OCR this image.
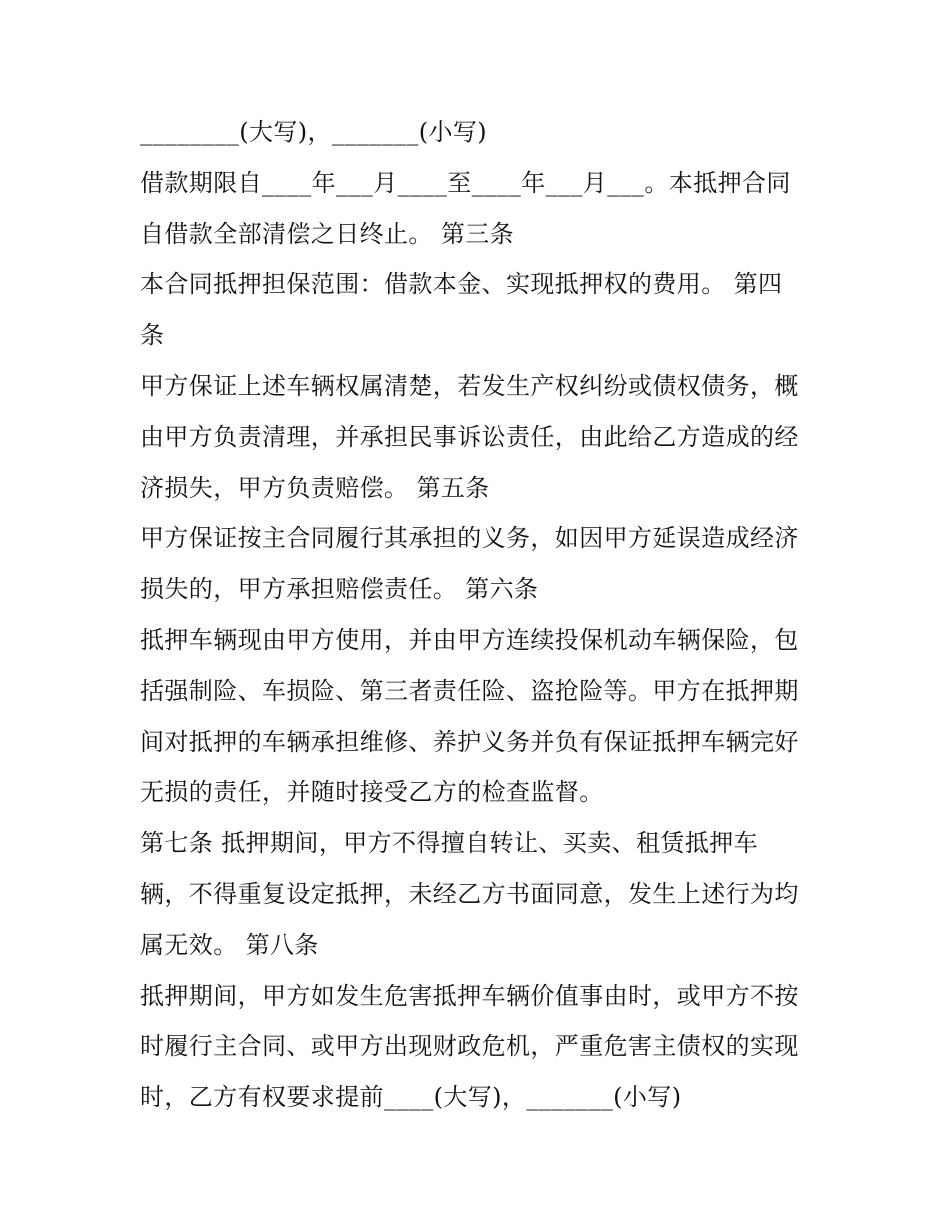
________(大写)，_______(小写)
借款期限自____年___月____至____年___月___。本抵押合同
自借款全部清偿之日终止。 第三条
本合同抵押担保范围：借款本金、实现抵押权的费用。 第四
条
甲方保证上述车辆权属清楚，若发生产权纠纷或债权债务，概
由甲方负责清理，并承担民事诉讼责任，由此给乙方造成的经
济损失，甲方负责赔偿。 第五条
甲方保证按主合同履行其承担的义务，如因甲方延误造成经济
损失的，甲方承担赔偿责任。 第六条
抵押车辆现由甲方使用，并由甲方连续投保机动车辆保险，包
括强制险、车损险、第三者责任险、盗抢险等。甲方在抵押期
间对抵押的车辆承担维修、养护义务并负有保证抵押车辆完好
无损的责任，并随时接受乙方的检查监督。
第七条 抵押期间，甲方不得擅自转让、买卖、租赁抵押车
辆，不得重复设定抵押，未经乙方书面同意，发生上述行为均
属无效。 第八条
抵押期间，甲方如发生危害抵押车辆价值事由时，或甲方不按
时履行主合同、或甲方出现财政危机，严重危害主债权的实现
时，乙方有权要求提前____(大写)，_______(小写)
